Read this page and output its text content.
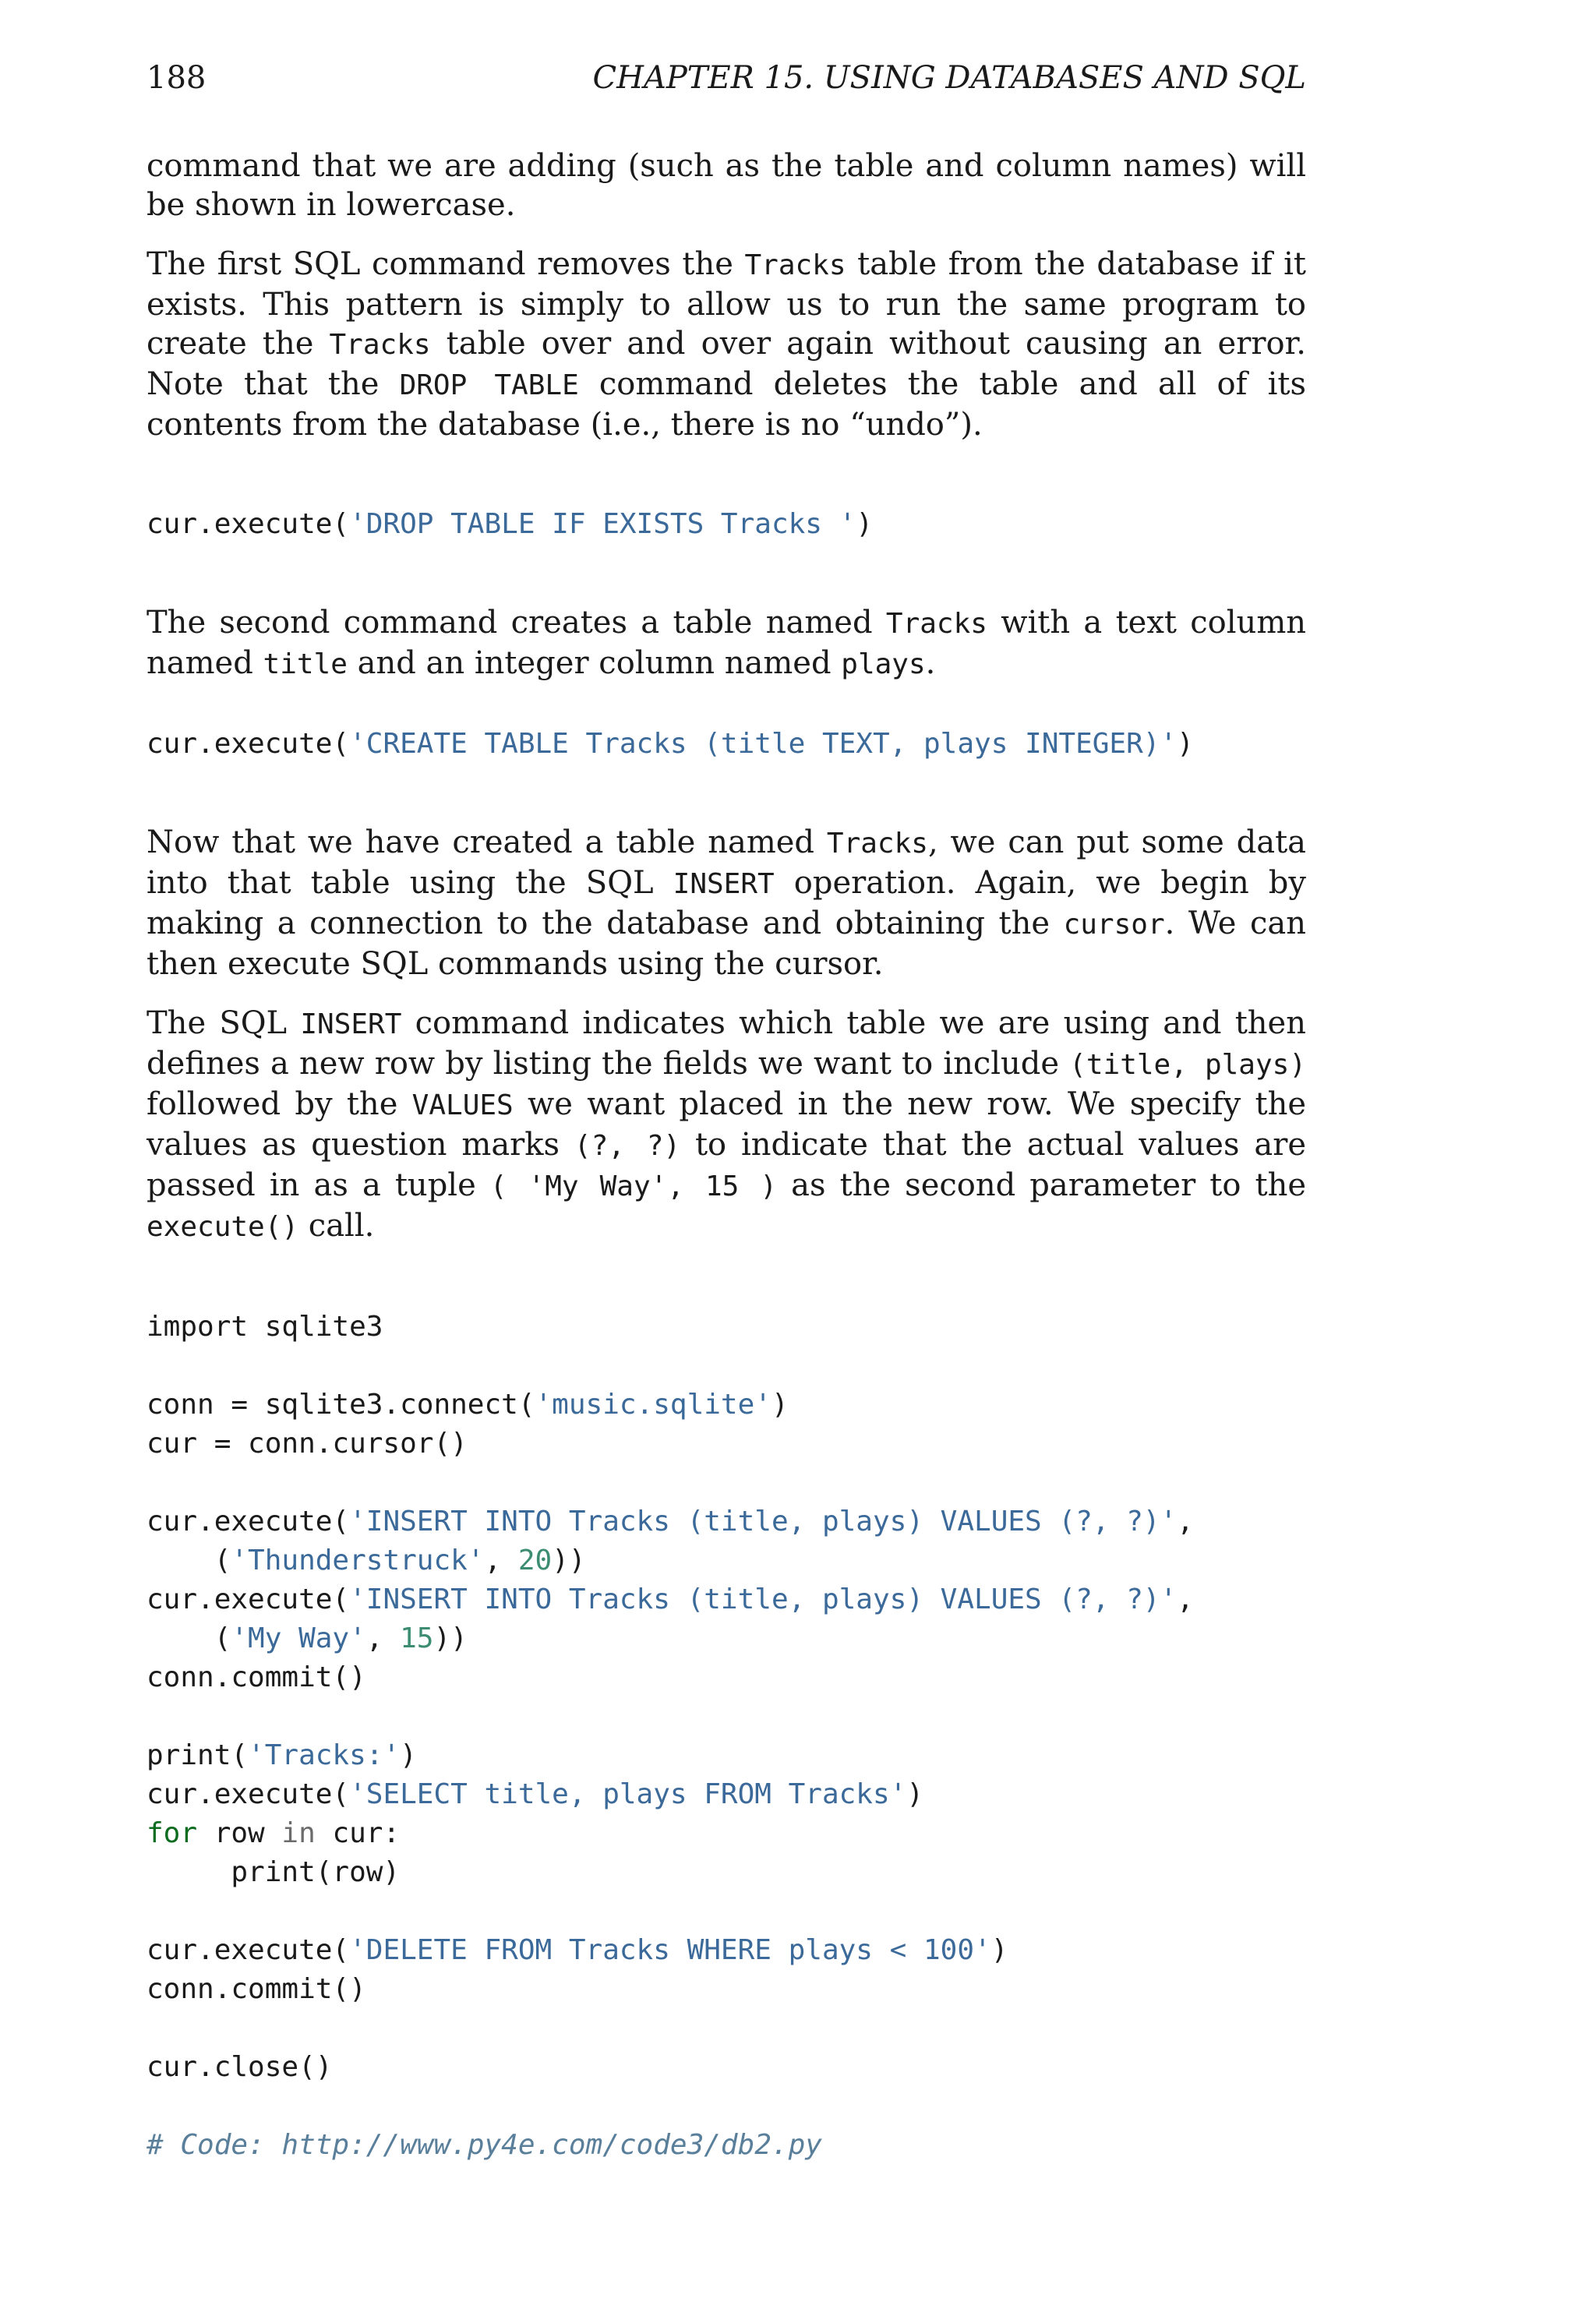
188	CHAPTER 15. USING DATABASES AND SQL

command that we are adding (such as the table and column names) will be shown in lowercase.

The first SQL command removes the Tracks table from the database if it exists. This pattern is simply to allow us to run the same program to create the Tracks table over and over again without causing an error. Note that the DROP TABLE command deletes the table and all of its contents from the database (i.e., there is no “undo”).

cur.execute('DROP TABLE IF EXISTS Tracks ')

The second command creates a table named Tracks with a text column named title and an integer column named plays.

cur.execute('CREATE TABLE Tracks (title TEXT, plays INTEGER)')

Now that we have created a table named Tracks, we can put some data into that table using the SQL INSERT operation. Again, we begin by making a connection to the database and obtaining the cursor. We can then execute SQL commands using the cursor.

The SQL INSERT command indicates which table we are using and then defines a new row by listing the fields we want to include (title, plays) followed by the VALUES we want placed in the new row. We specify the values as question marks (?, ?) to indicate that the actual values are passed in as a tuple ( 'My Way', 15 ) as the second parameter to the execute() call.

import sqlite3

conn = sqlite3.connect('music.sqlite')
cur = conn.cursor()

cur.execute('INSERT INTO Tracks (title, plays) VALUES (?, ?)',
('Thunderstruck', 20))
cur.execute('INSERT INTO Tracks (title, plays) VALUES (?, ?)',
('My Way', 15))
conn.commit()

print('Tracks:')
cur.execute('SELECT title, plays FROM Tracks')
for row in cur:
print(row)

cur.execute('DELETE FROM Tracks WHERE plays < 100')
conn.commit()

cur.close()

# Code: http://www.py4e.com/code3/db2.py
